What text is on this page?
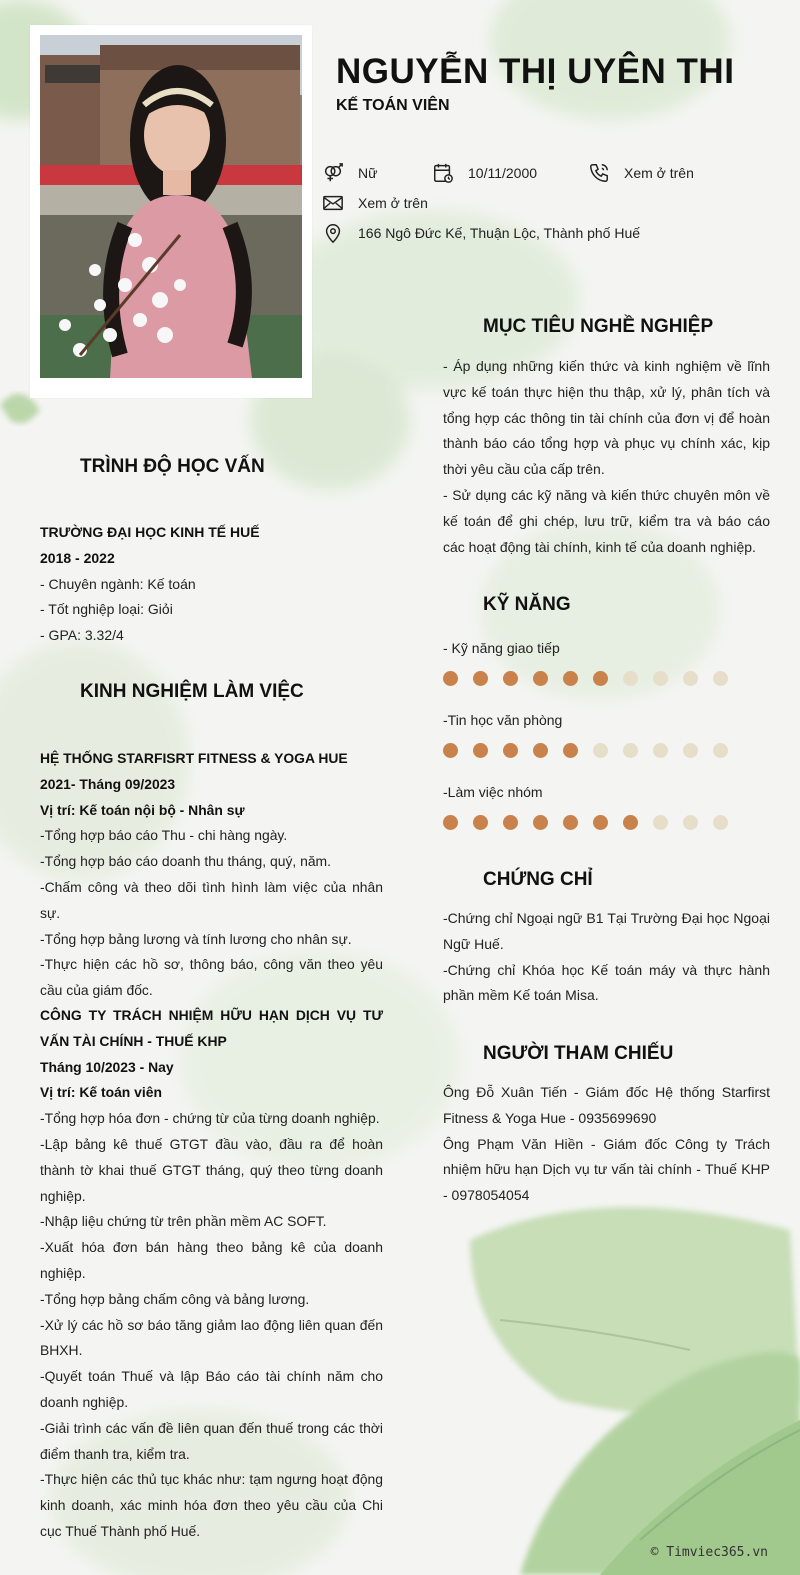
NGUYỄN THỊ UYÊN THI
KẾ TOÁN VIÊN
Nữ	10/11/2000	Xem ở trên
Xem ở trên
166 Ngô Đức Kế, Thuận Lộc, Thành phố Huế
TRÌNH ĐỘ HỌC VẤN
TRƯỜNG ĐẠI HỌC KINH TẾ HUẾ
2018 - 2022
- Chuyên ngành: Kế toán
- Tốt nghiệp loại: Giỏi
- GPA: 3.32/4
KINH NGHIỆM LÀM VIỆC
HỆ THỐNG STARFISRT FITNESS & YOGA HUE
2021- Tháng 09/2023
Vị trí: Kế toán nội bộ - Nhân sự
-Tổng hợp báo cáo Thu - chi hàng ngày.
-Tổng hợp báo cáo doanh thu tháng, quý, năm.
-Chấm công và theo dõi tình hình làm việc của nhân sự.
-Tổng hợp bảng lương và tính lương cho nhân sự.
-Thực hiện các hồ sơ, thông báo, công văn theo yêu cầu của giám đốc.
CÔNG TY TRÁCH NHIỆM HỮU HẠN DỊCH VỤ TƯ VẤN TÀI CHÍNH - THUẾ KHP
Tháng 10/2023 - Nay
Vị trí: Kế toán viên
-Tổng hợp hóa đơn - chứng từ của từng doanh nghiệp.
-Lập bảng kê thuế GTGT đầu vào, đầu ra để hoàn thành tờ khai thuế GTGT tháng, quý theo từng doanh nghiệp.
-Nhập liệu chứng từ trên phần mềm AC SOFT.
-Xuất hóa đơn bán hàng theo bảng kê của doanh nghiệp.
-Tổng hợp bảng chấm công và bảng lương.
-Xử lý các hồ sơ báo tăng giảm lao động liên quan đến BHXH.
-Quyết toán Thuế và lập Báo cáo tài chính năm cho doanh nghiệp.
-Giải trình các vấn đề liên quan đến thuế trong các thời điểm thanh tra, kiểm tra.
-Thực hiện các thủ tục khác như: tạm ngưng hoạt động kinh doanh, xác minh hóa đơn theo yêu cầu của Chi cục Thuế Thành phố Huế.
MỤC TIÊU NGHỀ NGHIỆP
- Áp dụng những kiến thức và kinh nghiệm về lĩnh vực kế toán thực hiện thu thập, xử lý, phân tích và tổng hợp các thông tin tài chính của đơn vị để hoàn thành báo cáo tổng hợp và phục vụ chính xác, kịp thời yêu cầu của cấp trên.
- Sử dụng các kỹ năng và kiến thức chuyên môn về kế toán để ghi chép, lưu trữ, kiểm tra và báo cáo các hoạt động tài chính, kinh tế của doanh nghiệp.
KỸ NĂNG
- Kỹ năng giao tiếp
-Tin học văn phòng
-Làm việc nhóm
CHỨNG CHỈ
-Chứng chỉ Ngoại ngữ B1 Tại Trường Đại học Ngoại Ngữ Huế.
-Chứng chỉ Khóa học Kế toán máy và thực hành phần mềm Kế toán Misa.
NGƯỜI THAM CHIẾU
Ông Đỗ Xuân Tiến - Giám đốc Hệ thống Starfirst Fitness & Yoga Hue - 0935699690
Ông Phạm Văn Hiền - Giám đốc Công ty Trách nhiệm hữu hạn Dịch vụ tư vấn tài chính - Thuế KHP - 0978054054
© Timviec365.vn
